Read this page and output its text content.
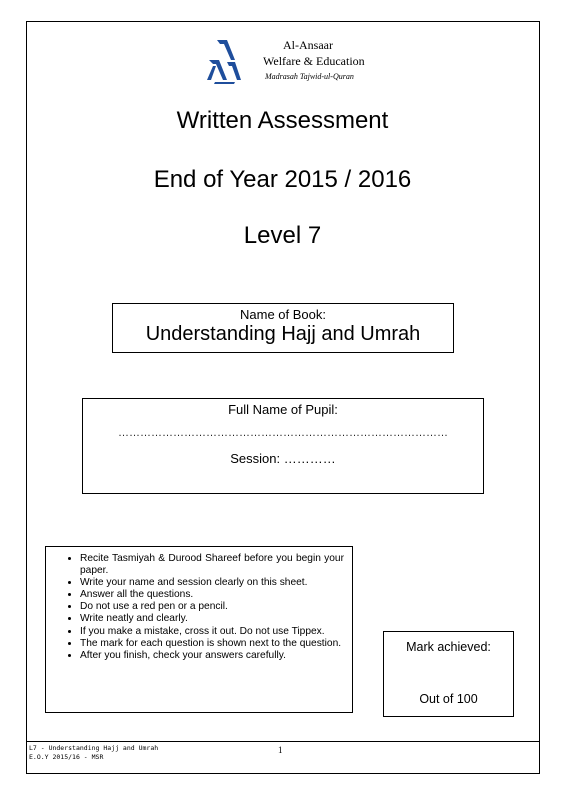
Al-Ansaar
Welfare & Education
Madrasah Tajwid-ul-Quran
Written Assessment
End of Year 2015 / 2016
Level 7
Name of Book:
Understanding Hajj and Umrah
Full Name of Pupil:
………………………………………………………………………………
Session: …………
• Recite Tasmiyah & Durood Shareef before you begin your paper.
• Write your name and session clearly on this sheet.
• Answer all the questions.
• Do not use a red pen or a pencil.
• Write neatly and clearly.
• If you make a mistake, cross it out. Do not use Tippex.
• The mark for each question is shown next to the question.
• After you finish, check your answers carefully.
Mark achieved:
Out of 100
L7 - Understanding Hajj and Umrah
E.O.Y 2015/16 - MSR
1
